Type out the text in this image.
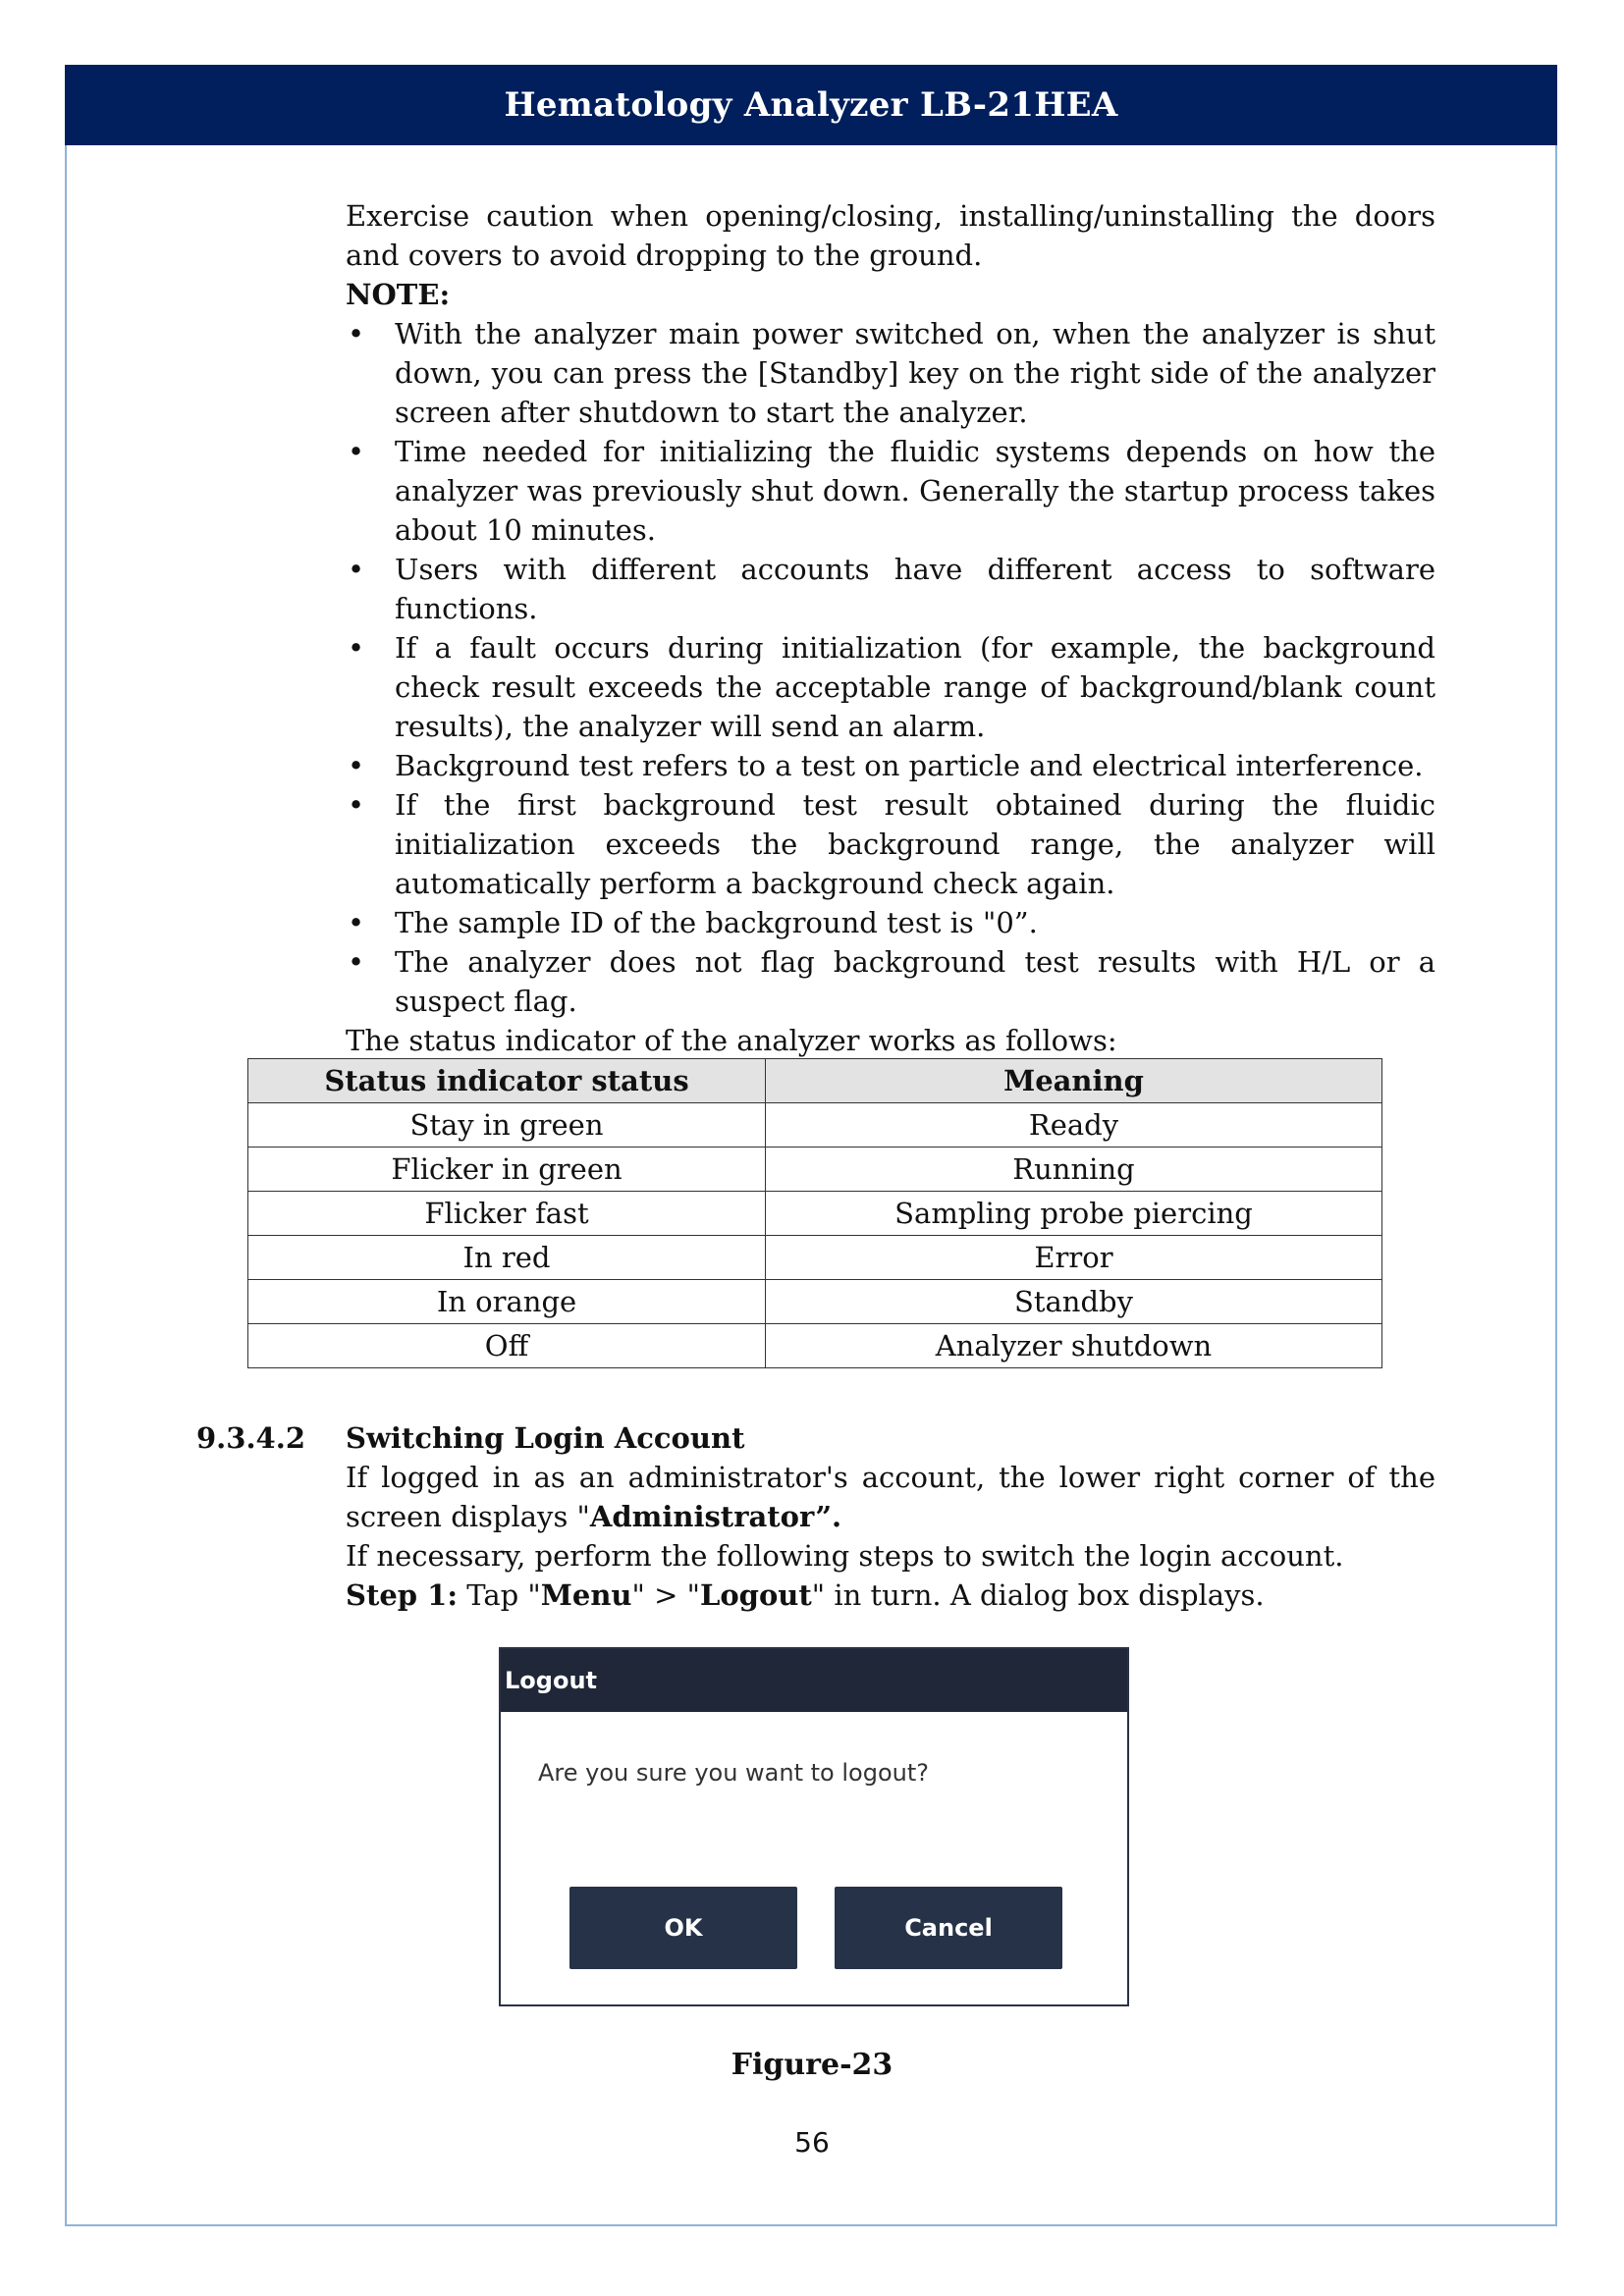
Hematology Analyzer LB-21HEA

Exercise caution when opening/closing, installing/uninstalling the doors and covers to avoid dropping to the ground.

NOTE:
• With the analyzer main power switched on, when the analyzer is shut down, you can press the [Standby] key on the right side of the analyzer screen after shutdown to start the analyzer.
• Time needed for initializing the fluidic systems depends on how the analyzer was previously shut down. Generally the startup process takes about 10 minutes.
• Users with different accounts have different access to software functions.
• If a fault occurs during initialization (for example, the background check result exceeds the acceptable range of background/blank count results), the analyzer will send an alarm.
• Background test refers to a test on particle and electrical interference.
• If the first background test result obtained during the fluidic initialization exceeds the background range, the analyzer will automatically perform a background check again.
• The sample ID of the background test is "0”.
• The analyzer does not flag background test results with H/L or a suspect flag.

The status indicator of the analyzer works as follows:

Status indicator status	Meaning
Stay in green	Ready
Flicker in green	Running
Flicker fast	Sampling probe piercing
In red	Error
In orange	Standby
Off	Analyzer shutdown
9.3.4.2 Switching Login Account

If logged in as an administrator's account, the lower right corner of the screen displays "Administrator”.

If necessary, perform the following steps to switch the login account.

Step 1: Tap "Menu" > "Logout" in turn. A dialog box displays.

Logout
Are you sure you want to logout?
OK	Cancel
Figure-23
56
